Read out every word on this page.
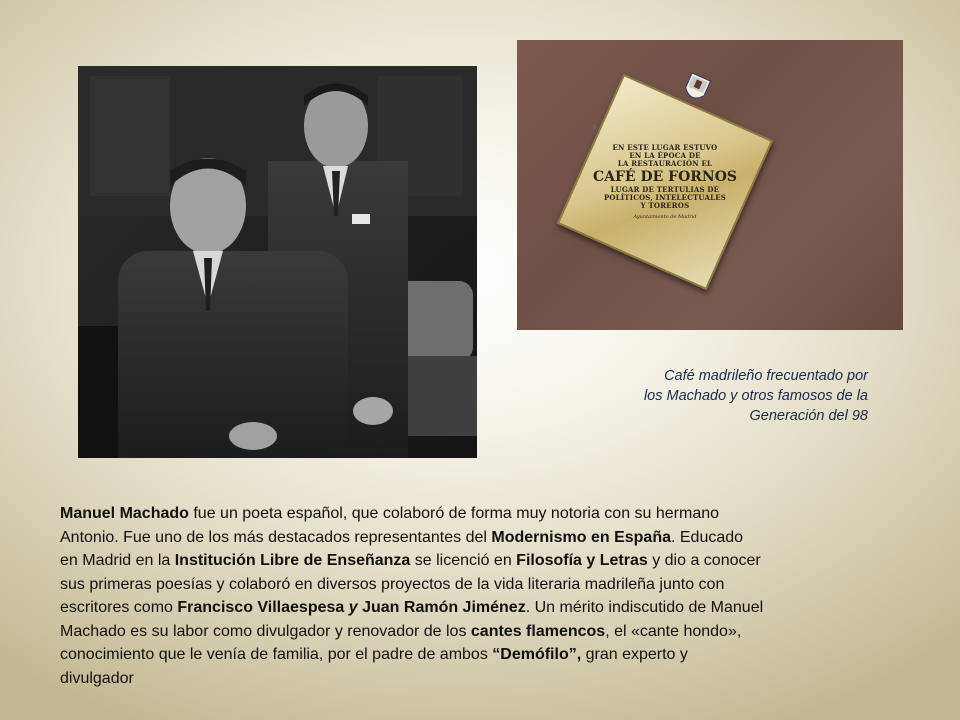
EN ESTE LUGAR ESTUVO
EN LA ÉPOCA DE
LA RESTAURACIÓN EL
CAFÉ DE FORNOS
LUGAR DE TERTULIAS DE
POLÍTICOS, INTELECTUALES
Y TOREROS
Ayuntamiento de Madrid
Café madrileño frecuentado por
los Machado y otros famosos de la
Generación del 98
Manuel Machado fue un poeta español, que colaboró de forma muy notoria con su hermano
Antonio. Fue uno de los más destacados representantes del Modernismo en España. Educado
en Madrid en la Institución Libre de Enseñanza se licenció en Filosofía y Letras y dio a conocer
sus primeras poesías y colaboró en diversos proyectos de la vida literaria madrileña junto con
escritores como Francisco Villaespesa y Juan Ramón Jiménez. Un mérito indiscutido de Manuel
Machado es su labor como divulgador y renovador de los cantes flamencos, el «cante hondo»,
conocimiento que le venía de familia, por el padre de ambos “Demófilo”, gran experto y
divulgador
